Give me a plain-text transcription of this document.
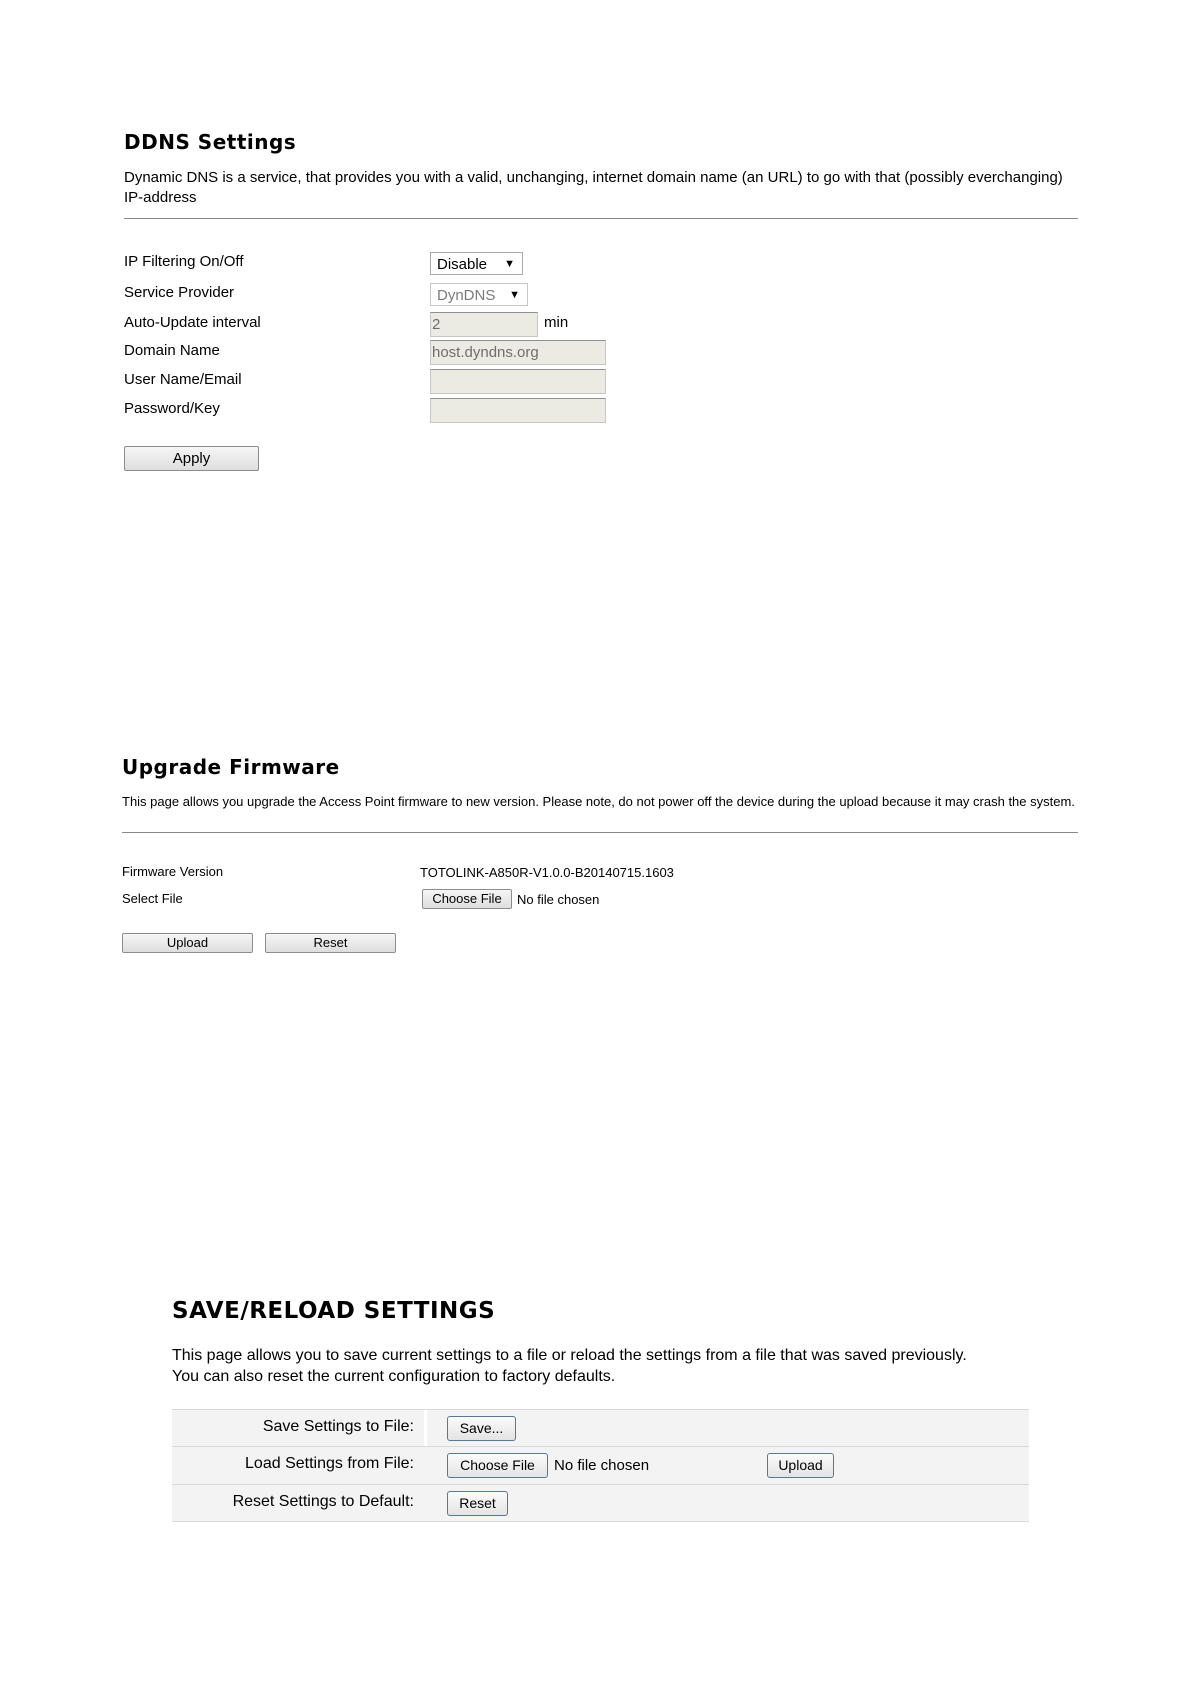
DDNS Settings
Dynamic DNS is a service, that provides you with a valid, unchanging, internet domain name (an URL) to go with that (possibly everchanging) IP-address
IP Filtering On/Off	Disable ▼
Service Provider	DynDNS ▼
Auto-Update interval	2	min
Domain Name	host.dyndns.org
User Name/Email
Password/Key
Apply
Upgrade Firmware
This page allows you upgrade the Access Point firmware to new version. Please note, do not power off the device during the upload because it may crash the system.
Firmware Version	TOTOLINK-A850R-V1.0.0-B20140715.1603
Select File	Choose File	No file chosen
Upload	Reset
SAVE/RELOAD SETTINGS
This page allows you to save current settings to a file or reload the settings from a file that was saved previously. You can also reset the current configuration to factory defaults.
Save Settings to File:	Save...
Load Settings from File:	Choose File	No file chosen	Upload
Reset Settings to Default:	Reset
